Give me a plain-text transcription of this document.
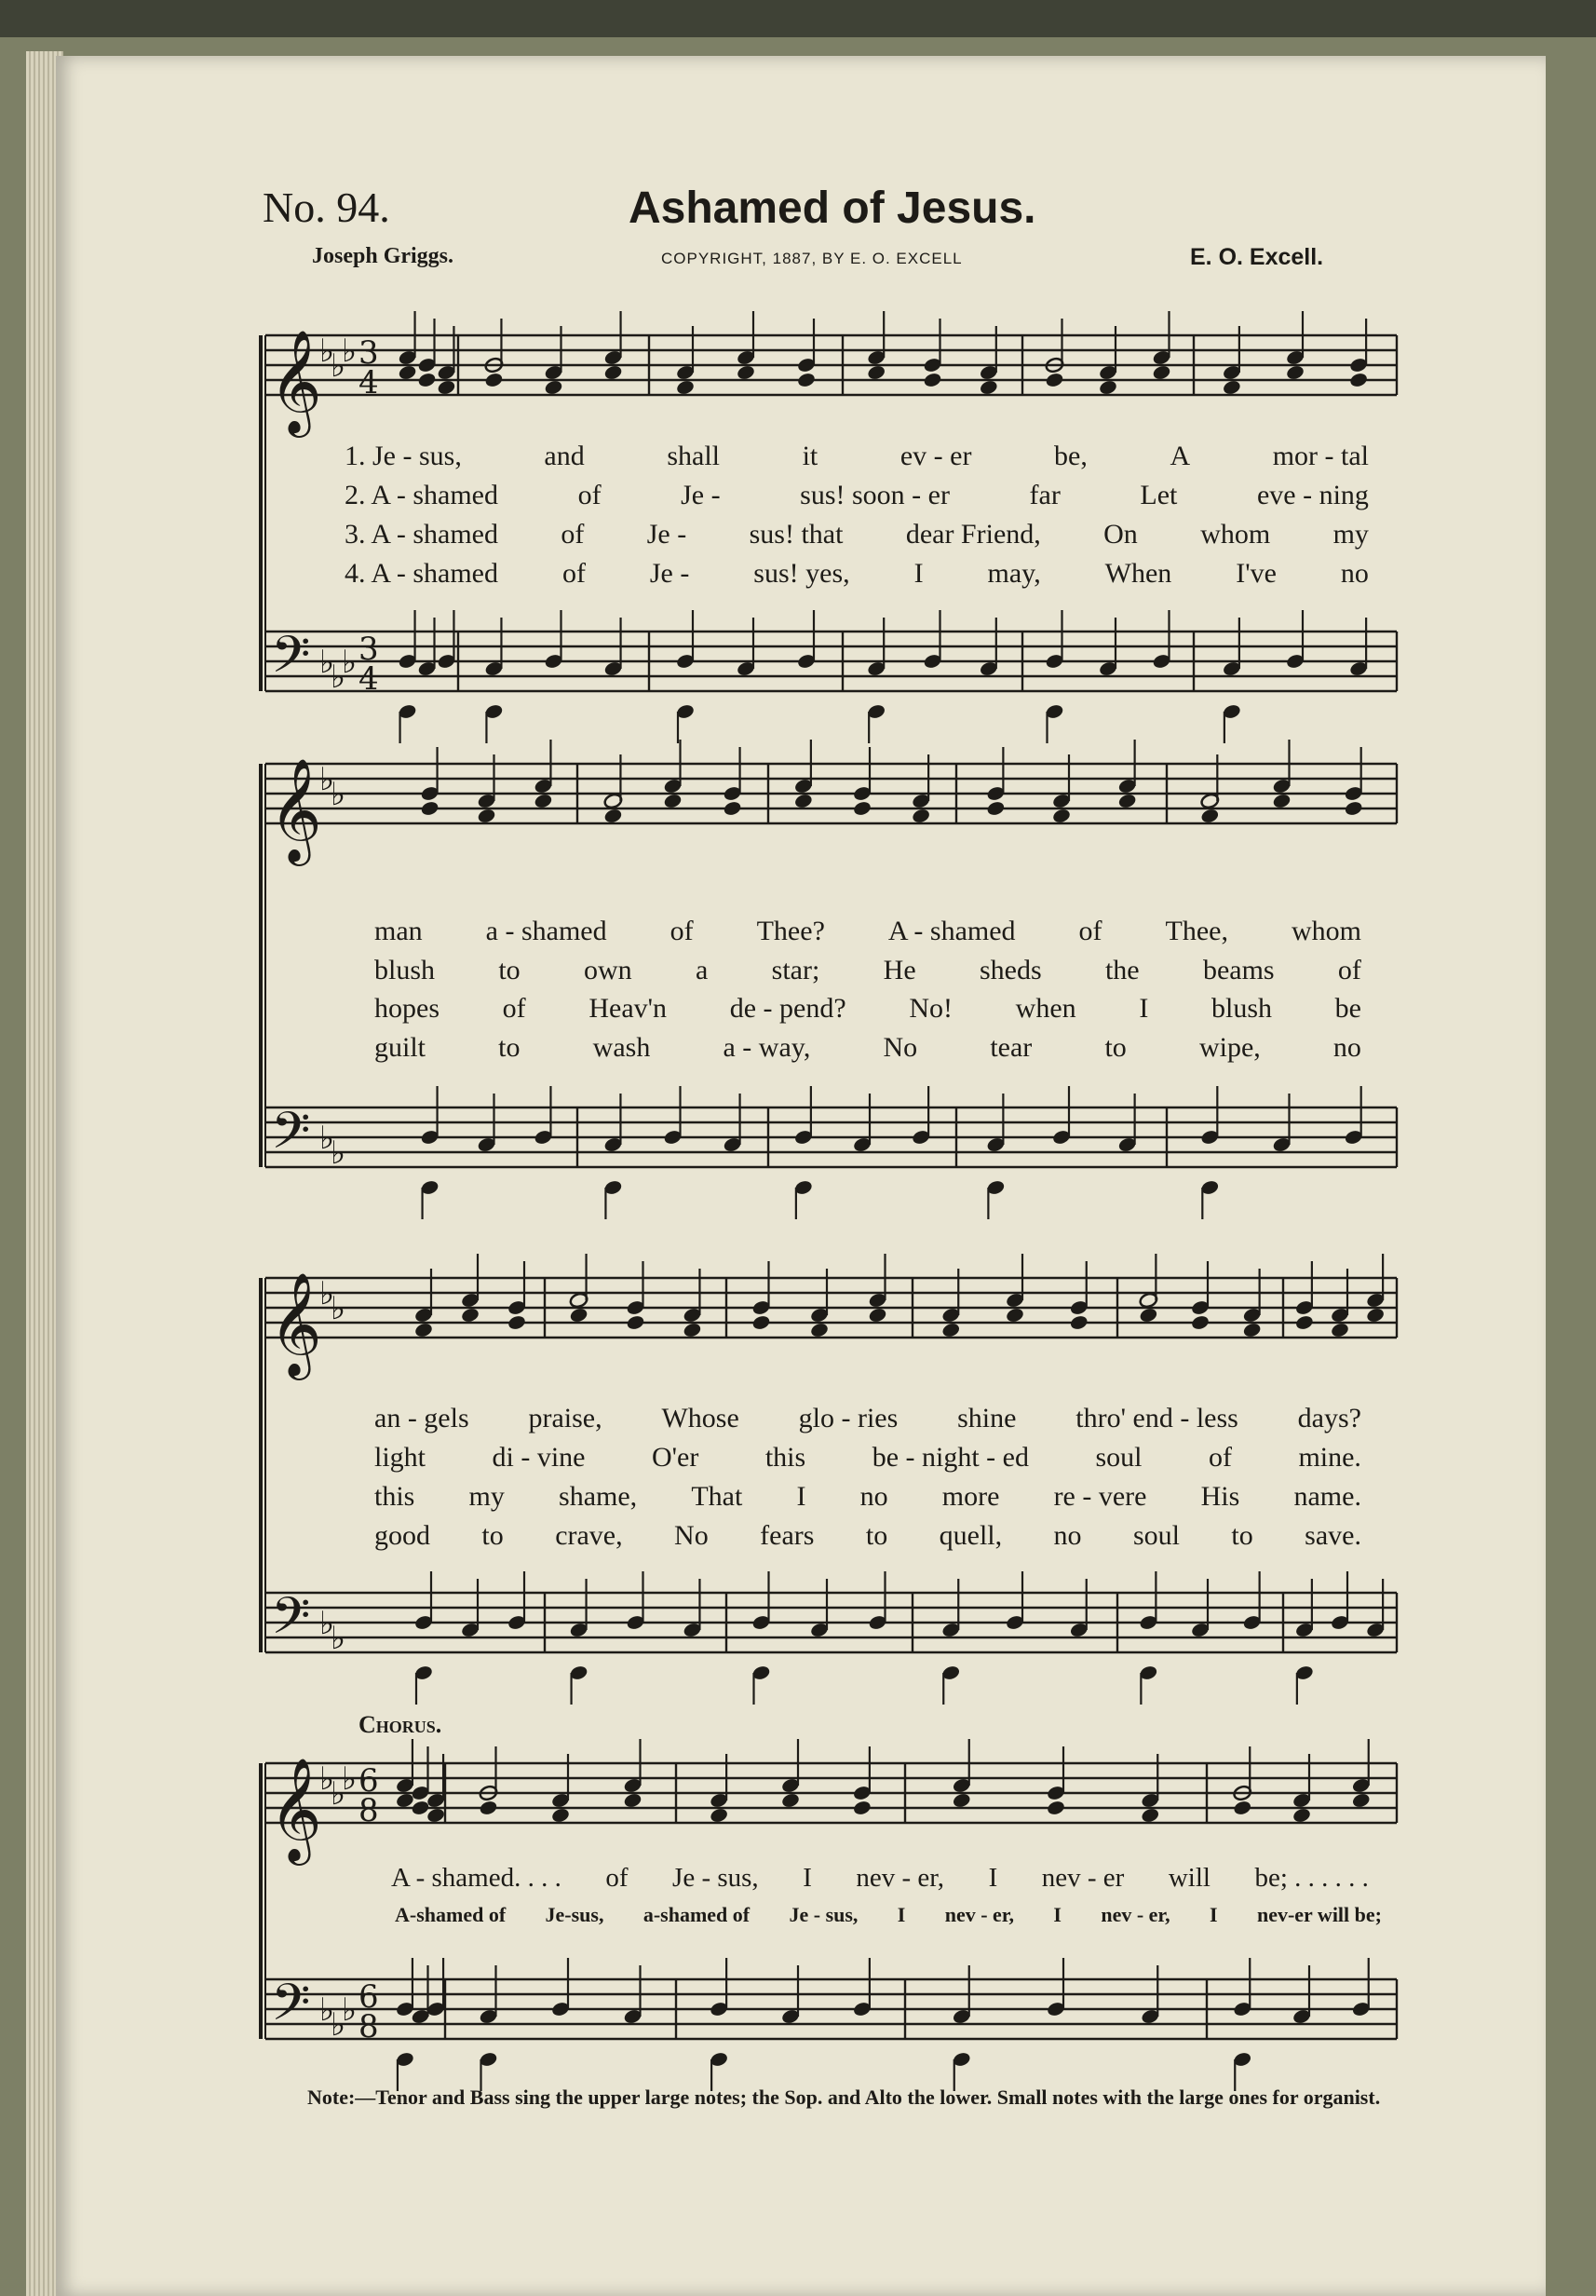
No. 94.	Ashamed of Jesus.
Joseph Griggs.	COPYRIGHT, 1887, BY E. O. EXCELL	E. O. Excell.
𝄞
𝄢
♭
♭
♭
♭
♭
♭
3
4
3
4
𝄞
𝄢
♭
♭
♭
♭
𝄞
𝄢
♭
♭
♭
♭
𝄞
𝄢
♭
♭
♭
♭
♭
♭
6
8
6
8
1. Je - sus,	and	shall	it	ev - er	be,	A	mor - tal
2. A - shamed	of	Je -	sus! soon - er	far	Let	eve - ning
3. A - shamed of Je - sus! that dear Friend, On whom my
4. A - shamed of Je - sus! yes, I may, When I've no
man a - shamed of Thee? A - shamed of Thee, whom
blush to own a star; He sheds the beams of
hopes of Heav'n de - pend? No! when I blush be
guilt	to	wash	a - way,	No	tear	to	wipe,	no
an - gels praise, Whose glo - ries shine thro' end - less days?
light di - vine O'er this be - night - ed soul of mine.
this my shame, That I no more re - vere His name.
good to crave, No fears to quell, no soul to save.
Chorus.
A - shamed. . . . of Je - sus, I nev - er, I nev - er will be; . . . . . .
A-shamed of Je-sus, a-shamed of Je - sus, I nev - er, I nev - er, I nev-er will be;
Note:—Tenor and Bass sing the upper large notes; the Sop. and Alto the lower. Small notes with the large ones for organist.
